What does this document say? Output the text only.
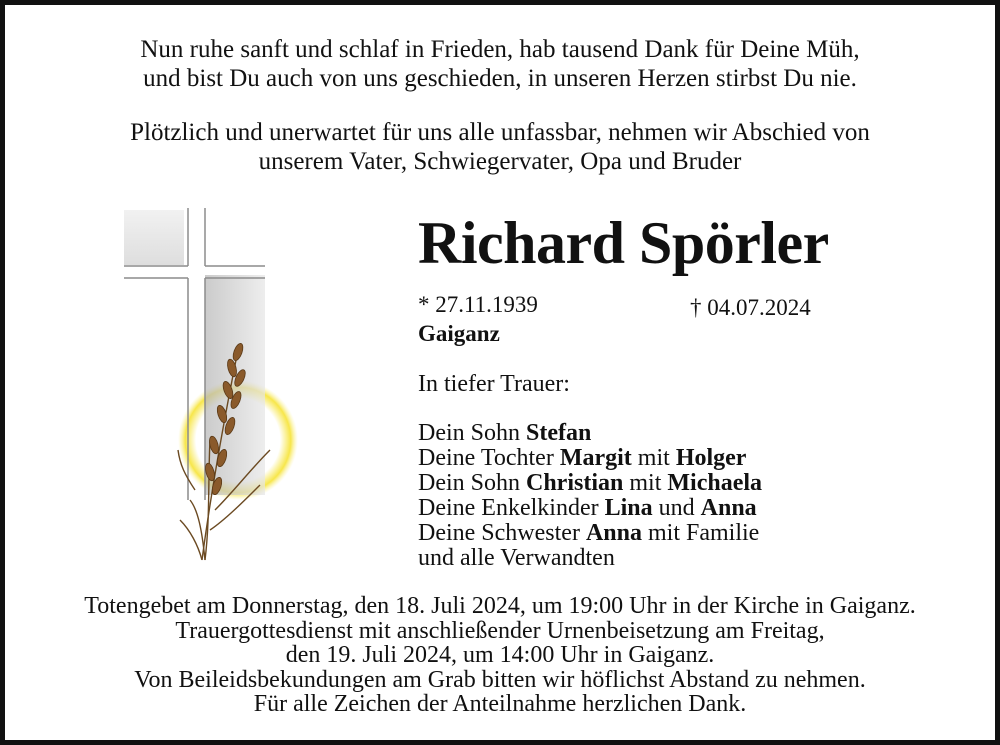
Nun ruhe sanft und schlaf in Frieden, hab tausend Dank für Deine Müh,
und bist Du auch von uns geschieden, in unseren Herzen stirbst Du nie.
Plötzlich und unerwartet für uns alle unfassbar, nehmen wir Abschied von
unserem Vater, Schwiegervater, Opa und Bruder
Richard Spörler
* 27.11.1939	† 04.07.2024
Gaiganz
In tiefer Trauer:
Dein Sohn Stefan
Deine Tochter Margit mit Holger
Dein Sohn Christian mit Michaela
Deine Enkelkinder Lina und Anna
Deine Schwester Anna mit Familie
und alle Verwandten
Totengebet am Donnerstag, den 18. Juli 2024, um 19:00 Uhr in der Kirche in Gaiganz.
Trauergottesdienst mit anschließender Urnenbeisetzung am Freitag,
den 19. Juli 2024, um 14:00 Uhr in Gaiganz.
Von Beileidsbekundungen am Grab bitten wir höflichst Abstand zu nehmen.
Für alle Zeichen der Anteilnahme herzlichen Dank.
